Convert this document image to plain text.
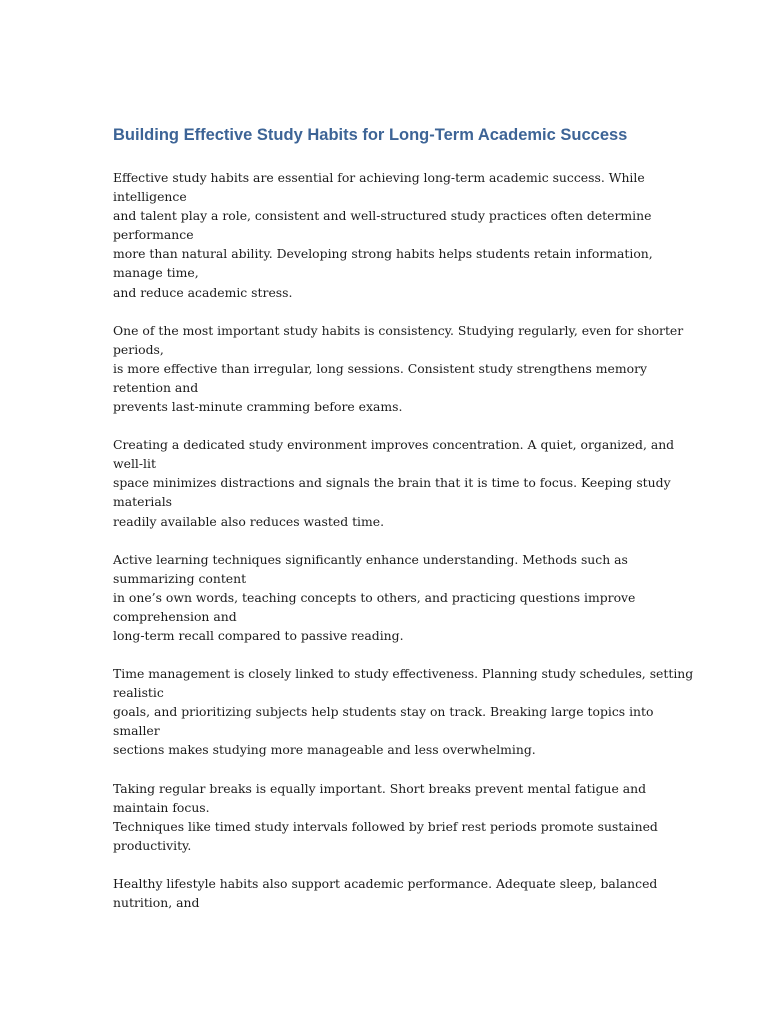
Building Effective Study Habits for Long-Term Academic Success

Effective study habits are essential for achieving long-term academic success. While
intelligence
and talent play a role, consistent and well-structured study practices often determine
performance
more than natural ability. Developing strong habits helps students retain information,
manage time,
and reduce academic stress.

One of the most important study habits is consistency. Studying regularly, even for shorter
periods,
is more effective than irregular, long sessions. Consistent study strengthens memory
retention and
prevents last-minute cramming before exams.

Creating a dedicated study environment improves concentration. A quiet, organized, and
well-lit
space minimizes distractions and signals the brain that it is time to focus. Keeping study
materials
readily available also reduces wasted time.

Active learning techniques significantly enhance understanding. Methods such as
summarizing content
in one’s own words, teaching concepts to others, and practicing questions improve
comprehension and
long-term recall compared to passive reading.

Time management is closely linked to study effectiveness. Planning study schedules, setting
realistic
goals, and prioritizing subjects help students stay on track. Breaking large topics into
smaller
sections makes studying more manageable and less overwhelming.

Taking regular breaks is equally important. Short breaks prevent mental fatigue and
maintain focus.
Techniques like timed study intervals followed by brief rest periods promote sustained
productivity.

Healthy lifestyle habits also support academic performance. Adequate sleep, balanced
nutrition, and
